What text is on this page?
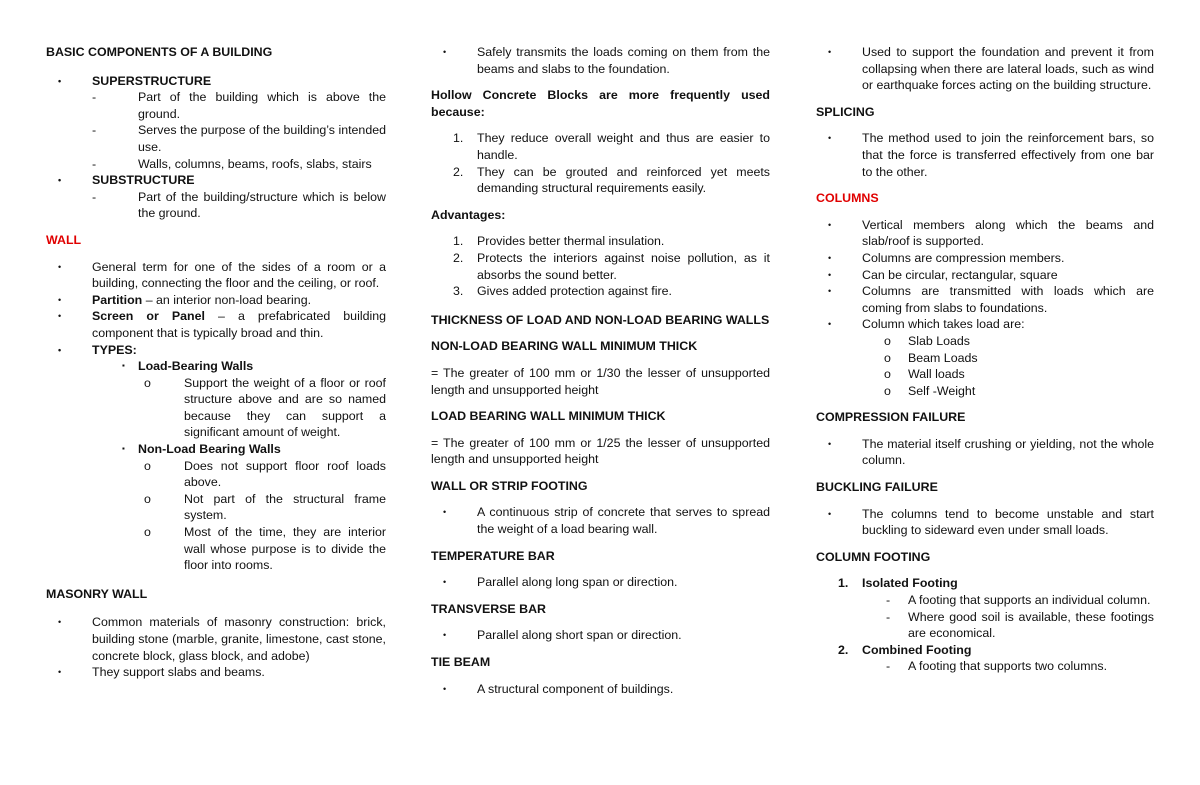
BASIC COMPONENTS OF A BUILDING

•	SUPERSTRUCTURE
-	Part of the building which is above the ground.
-	Serves the purpose of the building’s intended use.
-	Walls, columns, beams, roofs, slabs, stairs
•	SUBSTRUCTURE
-	Part of the building/structure which is below the ground.

WALL

•	General term for one of the sides of a room or a building, connecting the floor and the ceiling, or roof.
•	Partition – an interior non-load bearing.
•	Screen or Panel – a prefabricated building component that is typically broad and thin.
•	TYPES:
▪	Load-Bearing Walls
o	Support the weight of a floor or roof structure above and are so named because they can support a significant amount of weight.
▪	Non-Load Bearing Walls
o	Does not support floor roof loads above.
o	Not part of the structural frame system.
o	Most of the time, they are interior wall whose purpose is to divide the floor into rooms.

MASONRY WALL

•	Common materials of masonry construction: brick, building stone (marble, granite, limestone, cast stone, concrete block, glass block, and adobe)
•	They support slabs and beams.
•	Safely transmits the loads coming on them from the beams and slabs to the foundation.

Hollow Concrete Blocks are more frequently used because:

1.	They reduce overall weight and thus are easier to handle.
2.	They can be grouted and reinforced yet meets demanding structural requirements easily.

Advantages:

1.	Provides better thermal insulation.
2.	Protects the interiors against noise pollution, as it absorbs the sound better.
3.	Gives added protection against fire.

THICKNESS OF LOAD AND NON-LOAD BEARING WALLS

NON-LOAD BEARING WALL MINIMUM THICK

= The greater of 100 mm or 1/30 the lesser of unsupported length and unsupported height

LOAD BEARING WALL MINIMUM THICK

= The greater of 100 mm or 1/25 the lesser of unsupported length and unsupported height

WALL OR STRIP FOOTING

•	A continuous strip of concrete that serves to spread the weight of a load bearing wall.

TEMPERATURE BAR

•	Parallel along long span or direction.

TRANSVERSE BAR

•	Parallel along short span or direction.

TIE BEAM

•	A structural component of buildings.
•	Used to support the foundation and prevent it from collapsing when there are lateral loads, such as wind or earthquake forces acting on the building structure.

SPLICING

•	The method used to join the reinforcement bars, so that the force is transferred effectively from one bar to the other.

COLUMNS

•	Vertical members along which the beams and slab/roof is supported.
•	Columns are compression members.
•	Can be circular, rectangular, square
•	Columns are transmitted with loads which are coming from slabs to foundations.
•	Column which takes load are:
o	Slab Loads
o	Beam Loads
o	Wall loads
o	Self -Weight

COMPRESSION FAILURE

•	The material itself crushing or yielding, not the whole column.

BUCKLING FAILURE

•	The columns tend to become unstable and start buckling to sideward even under small loads.

COLUMN FOOTING

1.	Isolated Footing
-	A footing that supports an individual column.
-	Where good soil is available, these footings are economical.
2.	Combined Footing
-	A footing that supports two columns.
